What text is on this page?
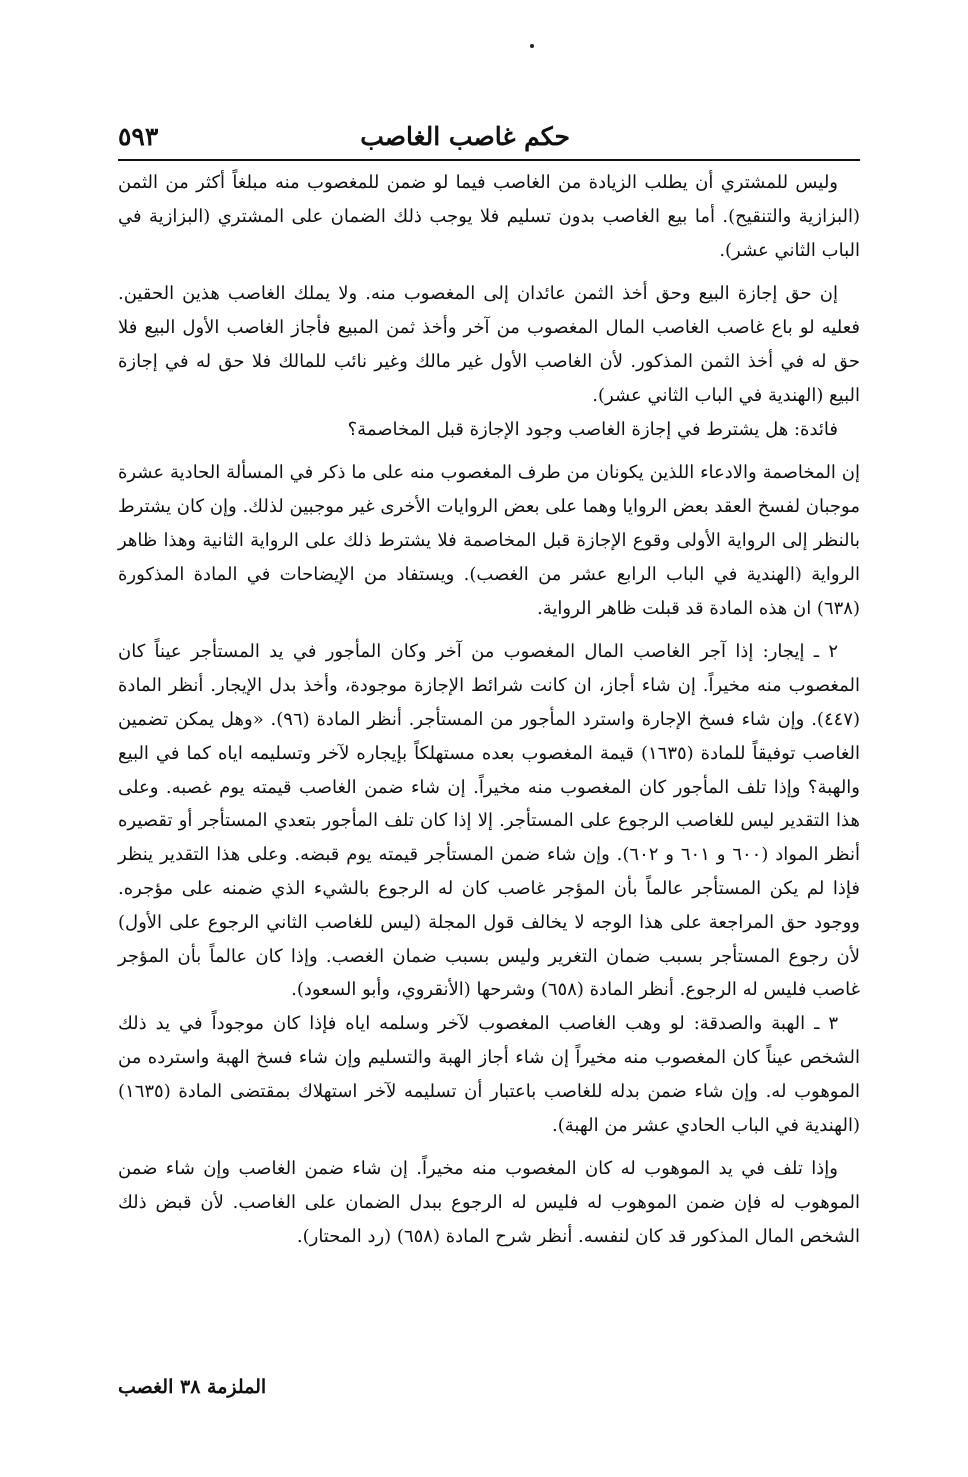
حكم غاصب الغاصب
٥٩٣

وليس للمشتري أن يطلب الزيادة من الغاصب فيما لو ضمن للمغصوب منه مبلغاً أكثر من الثمن (البزازية والتنقيح). أما بيع الغاصب بدون تسليم فلا يوجب ذلك الضمان على المشتري (البزازية في الباب الثاني عشر).

إن حق إجازة البيع وحق أخذ الثمن عائدان إلى المغصوب منه. ولا يملك الغاصب هذين الحقين. فعليه لو باع غاصب الغاصب المال المغصوب من آخر وأخذ ثمن المبيع فأجاز الغاصب الأول البيع فلا حق له في أخذ الثمن المذكور. لأن الغاصب الأول غير مالك وغير نائب للمالك فلا حق له في إجازة البيع (الهندية في الباب الثاني عشر).

فائدة: هل يشترط في إجازة الغاصب وجود الإجازة قبل المخاصمة؟

إن المخاصمة والادعاء اللذين يكونان من طرف المغصوب منه على ما ذكر في المسألة الحادية عشرة موجبان لفسخ العقد بعض الروايا وهما على بعض الروايات الأخرى غير موجبين لذلك. وإن كان يشترط بالنظر إلى الرواية الأولى وقوع الإجازة قبل المخاصمة فلا يشترط ذلك على الرواية الثانية وهذا ظاهر الرواية (الهندية في الباب الرابع عشر من الغصب). ويستفاد من الإيضاحات في المادة المذكورة (٦٣٨) ان هذه المادة قد قبلت ظاهر الرواية.

٢ ـ إيجار: إذا آجر الغاصب المال المغصوب من آخر وكان المأجور في يد المستأجر عيناً كان المغصوب منه مخيراً. إن شاء أجاز، ان كانت شرائط الإجازة موجودة، وأخذ بدل الإيجار. أنظر المادة (٤٤٧). وإن شاء فسخ الإجارة واسترد المأجور من المستأجر. أنظر المادة (٩٦). «وهل يمكن تضمين الغاصب توفيقاً للمادة (١٦٣٥) قيمة المغصوب بعده مستهلكاً بإيجاره لآخر وتسليمه اياه كما في البيع والهبة؟ وإذا تلف المأجور كان المغصوب منه مخيراً. إن شاء ضمن الغاصب قيمته يوم غصبه. وعلى هذا التقدير ليس للغاصب الرجوع على المستأجر. إلا إذا كان تلف المأجور بتعدي المستأجر أو تقصيره أنظر المواد (٦٠٠ و ٦٠١ و ٦٠٢). وإن شاء ضمن المستأجر قيمته يوم قبضه. وعلى هذا التقدير ينظر فإذا لم يكن المستأجر عالماً بأن المؤجر غاصب كان له الرجوع بالشيء الذي ضمنه على مؤجره. ووجود حق المراجعة على هذا الوجه لا يخالف قول المجلة (ليس للغاصب الثاني الرجوع على الأول) لأن رجوع المستأجر بسبب ضمان التغرير وليس بسبب ضمان الغصب. وإذا كان عالماً بأن المؤجر غاصب فليس له الرجوع. أنظر المادة (٦٥٨) وشرحها (الأنقروي، وأبو السعود).

٣ ـ الهبة والصدقة: لو وهب الغاصب المغصوب لآخر وسلمه اياه فإذا كان موجوداً في يد ذلك الشخص عيناً كان المغصوب منه مخيراً إن شاء أجاز الهبة والتسليم وإن شاء فسخ الهبة واسترده من الموهوب له. وإن شاء ضمن بدله للغاصب باعتبار أن تسليمه لآخر استهلاك بمقتضى المادة (١٦٣٥) (الهندية في الباب الحادي عشر من الهبة).

وإذا تلف في يد الموهوب له كان المغصوب منه مخيراً. إن شاء ضمن الغاصب وإن شاء ضمن الموهوب له فإن ضمن الموهوب له فليس له الرجوع ببدل الضمان على الغاصب. لأن قبض ذلك الشخص المال المذكور قد كان لنفسه. أنظر شرح المادة (٦٥٨) (رد المحتار).

الملزمة ٣٨ الغصب
